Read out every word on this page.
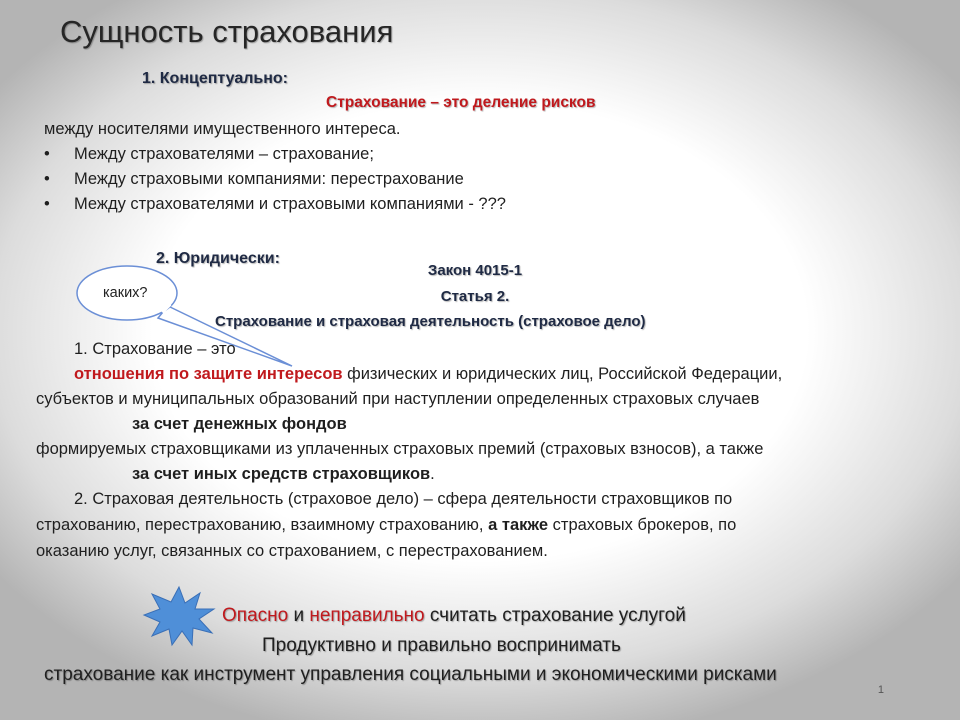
Сущность страхования
1. Концептуально:
Страхование – это деление рисков
между носителями имущественного интереса.
• Между страхователями – страхование;
• Между страховыми компаниями: перестрахование
• Между страхователями и страховыми компаниями - ???
2. Юридически:
каких?
Закон 4015-1
Статья 2.
Страхование и страховая деятельность (страховое дело)
1. Страхование – это
отношения по защите интересов физических и юридических лиц, Российской Федерации,
субъектов и муниципальных образований при наступлении определенных страховых случаев
за счет денежных фондов
формируемых страховщиками из уплаченных страховых премий (страховых взносов), а также
за счет иных средств страховщиков.
2. Страховая деятельность (страховое дело) – сфера деятельности страховщиков по
страхованию, перестрахованию, взаимному страхованию, а также страховых брокеров, по
оказанию услуг, связанных со страхованием, с перестрахованием.
Опасно и неправильно считать страхование услугой
Продуктивно и правильно воспринимать
страхование как инструмент управления социальными и экономическими рисками
1
